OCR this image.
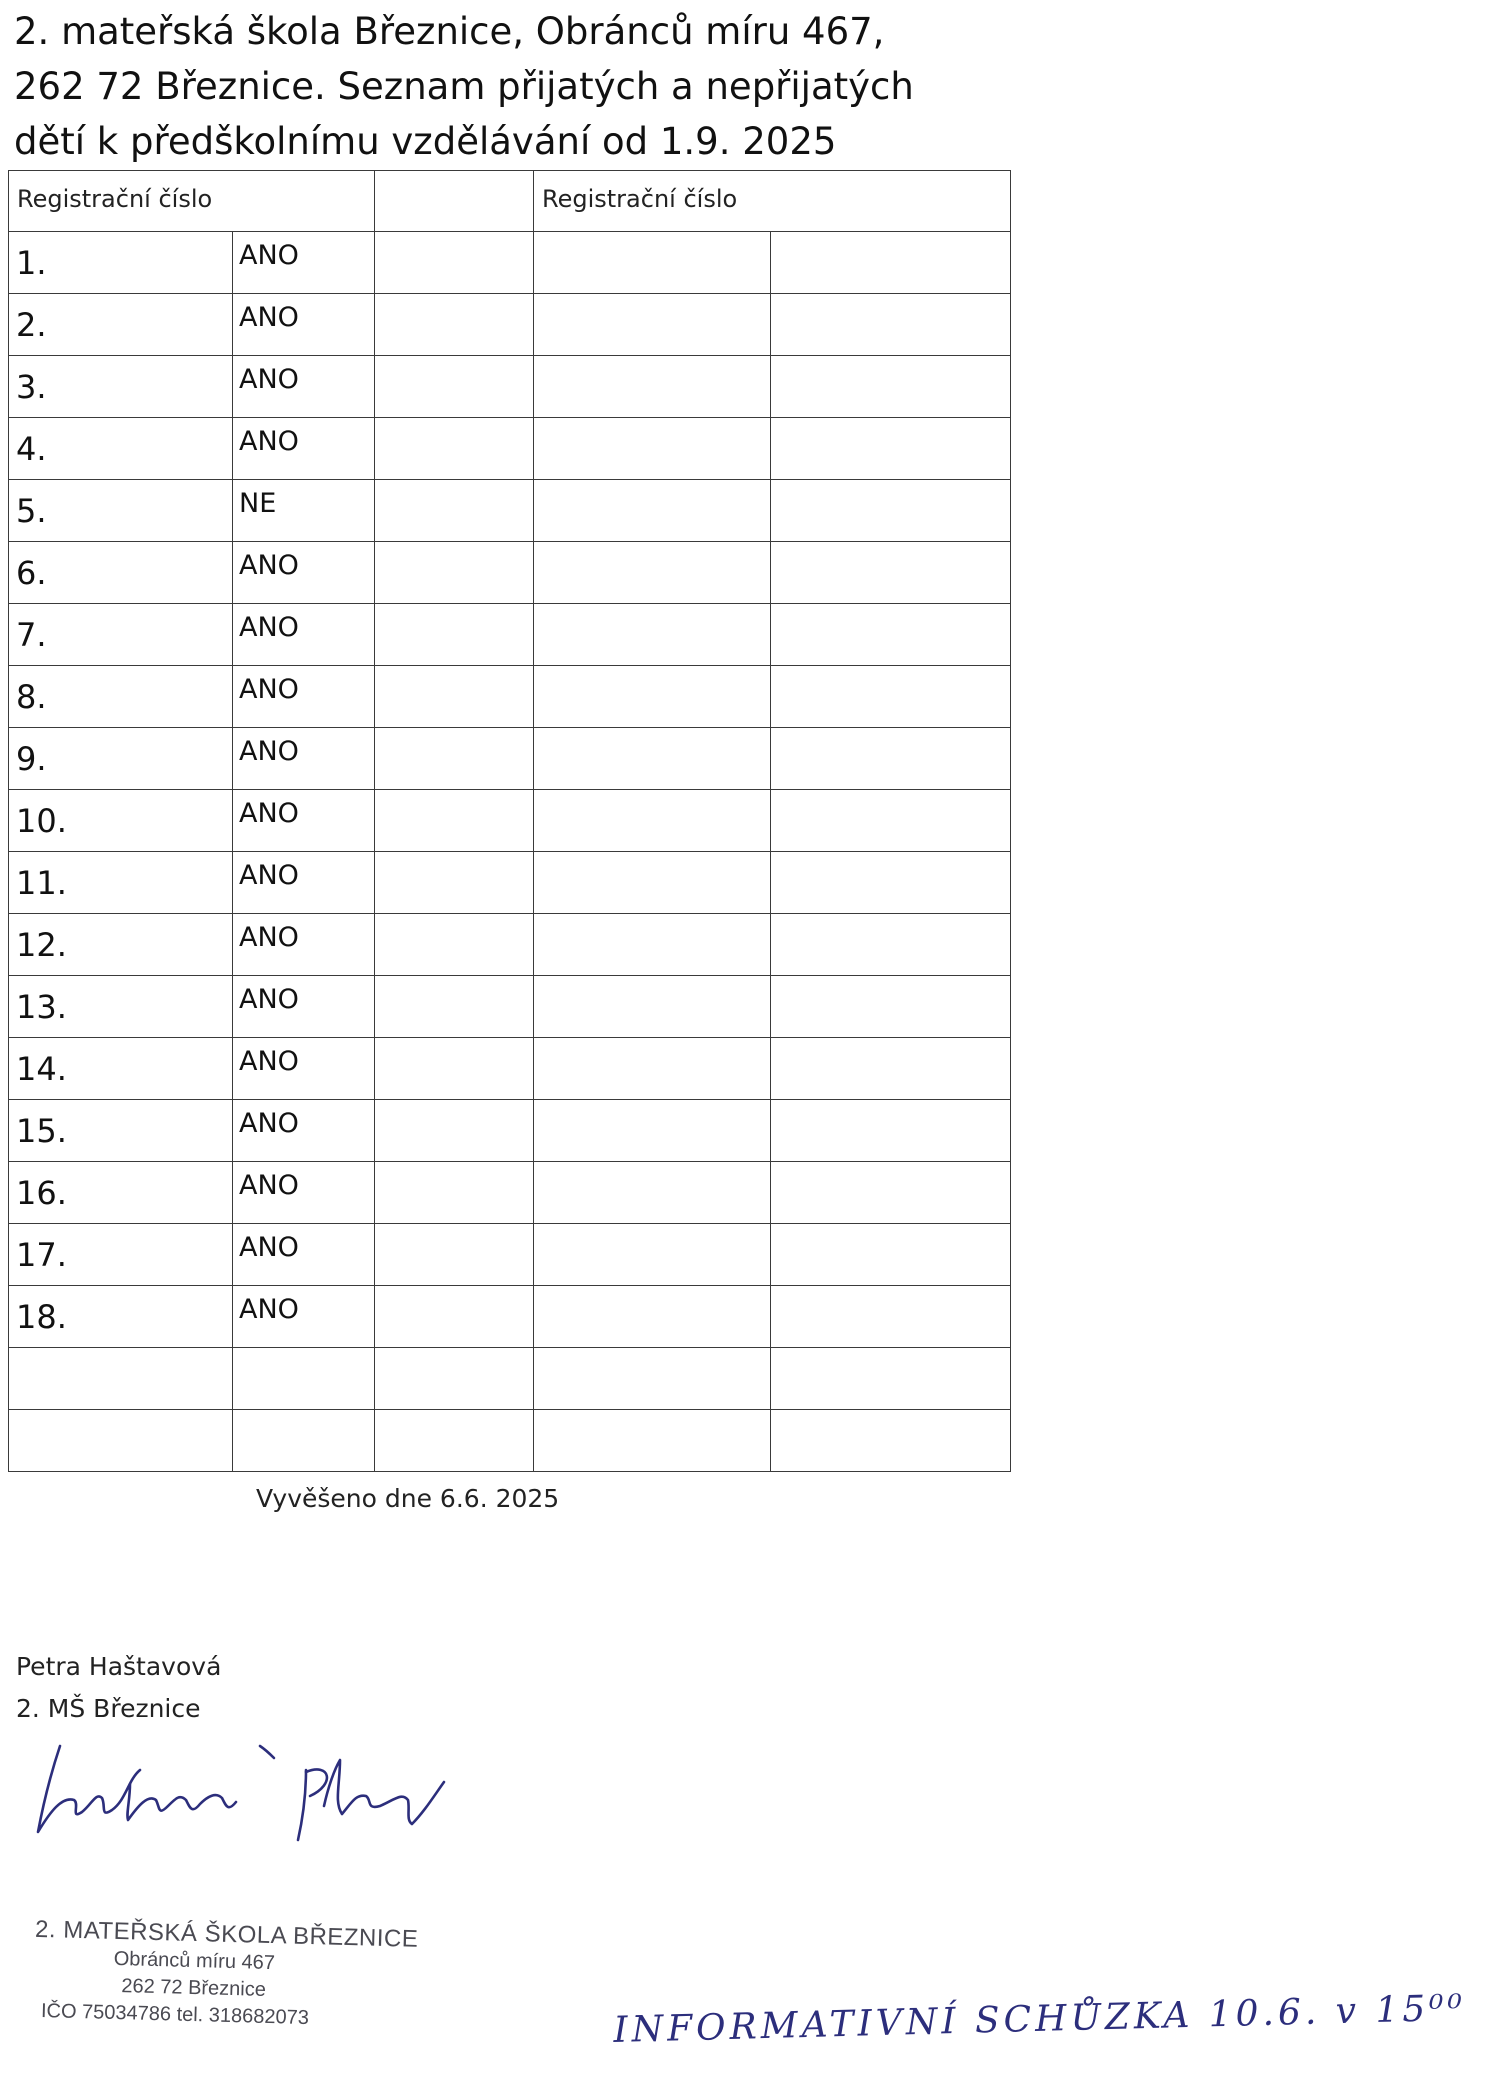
2. mateřská škola Březnice, Obránců míru 467,
262 72 Březnice. Seznam přijatých a nepřijatých
dětí k předškolnímu vzdělávání od 1.9. 2025
Registrační číslo			Registrační číslo	
1.	ANO			
2.	ANO			
3.	ANO			
4.	ANO			
5.	NE			
6.	ANO			
7.	ANO			
8.	ANO			
9.	ANO			
10.	ANO			
11.	ANO			
12.	ANO			
13.	ANO			
14.	ANO			
15.	ANO			
16.	ANO			
17.	ANO			
18.	ANO			

Vyvěšeno dne 6.6. 2025
Petra Haštavová
2. MŠ Březnice
2. MATEŘSKÁ ŠKOLA BŘEZNICE
Obránců míru 467
262 72 Březnice
IČO 75034786 tel. 318682073	INFORMATIVNÍ SCHŮZKA 10.6. v 15⁰⁰
